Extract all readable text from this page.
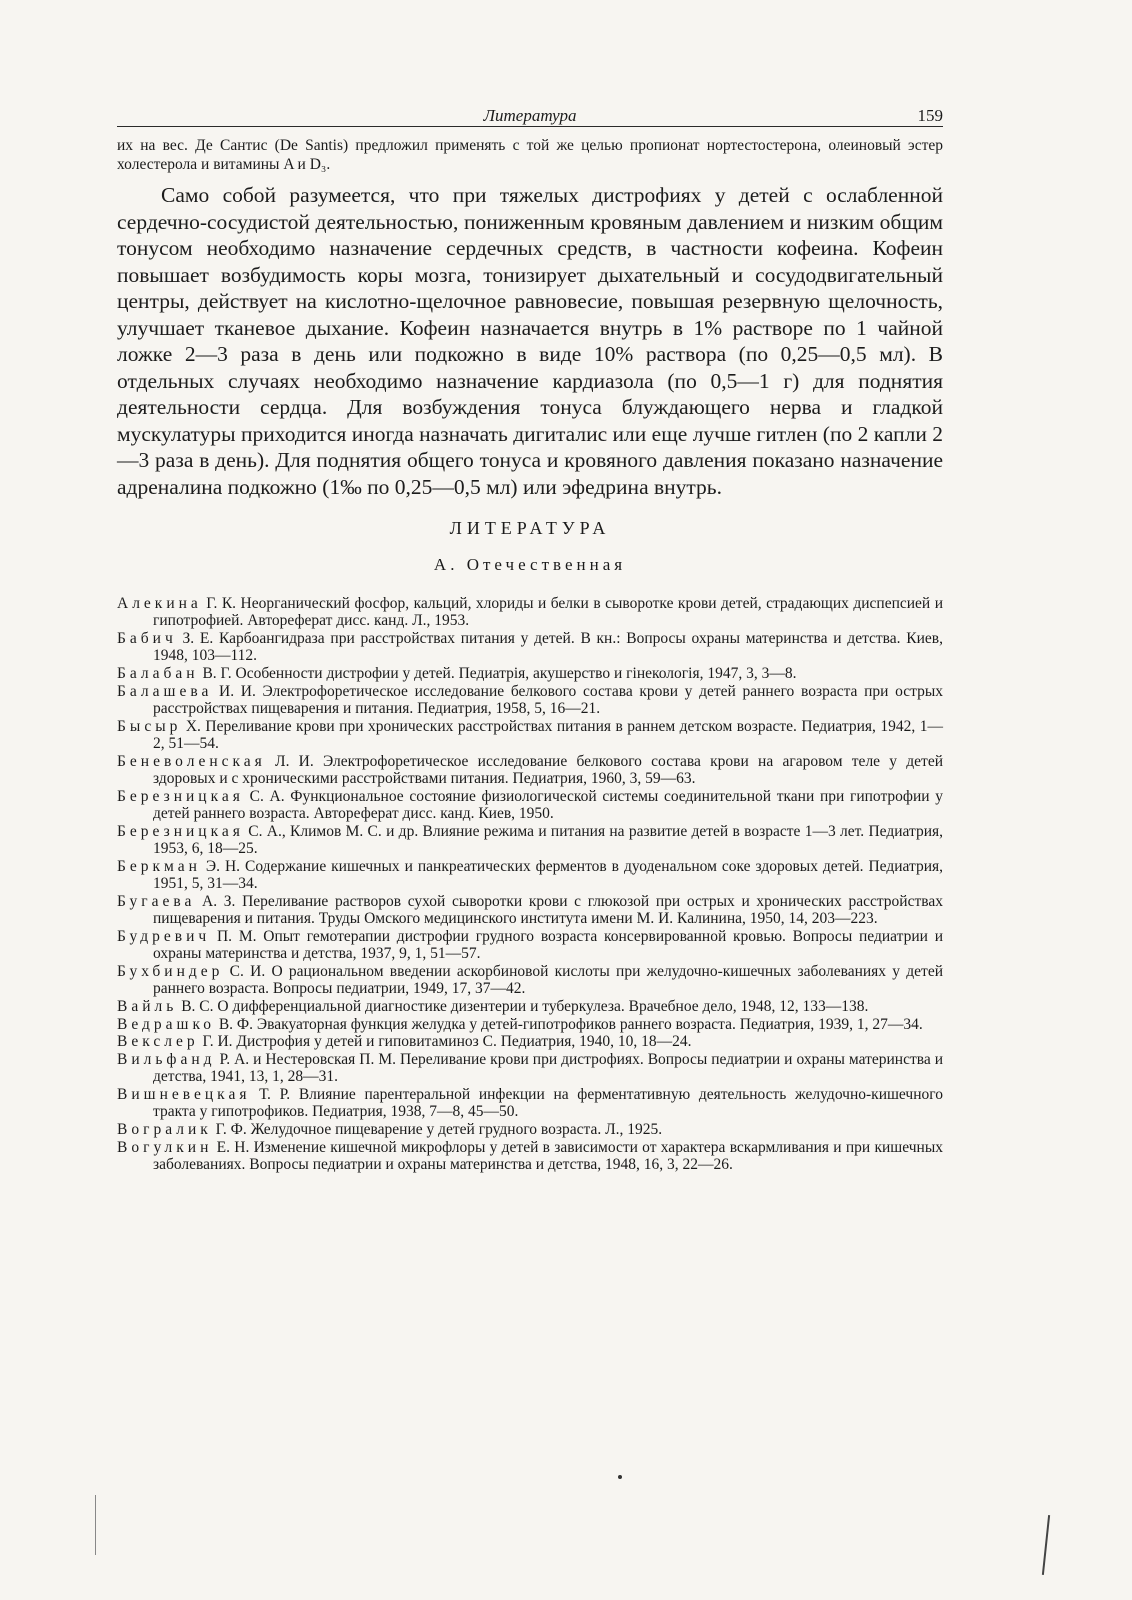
Литература	159
их на вес. Де Сантис (De Santis) предложил применять с той же целью пропионат нортестостерона, олеиновый эстер холестерола и витамины A и D₃.
Само собой разумеется, что при тяжелых дистрофиях у детей с ослабленной сердечно-сосудистой деятельностью, пониженным кровяным давлением и низким общим тонусом необходимо назначение сердечных средств, в частности кофеина. Кофеин повышает возбудимость коры мозга, тонизирует дыхательный и сосудодвигательный центры, действует на кислотно-щелочное равновесие, повышая резервную щелочность, улучшает тканевое дыхание. Кофеин назначается внутрь в 1% растворе по 1 чайной ложке 2—3 раза в день или подкожно в виде 10% раствора (по 0,25—0,5 мл). В отдельных случаях необходимо назначение кардиазола (по 0,5—1 г) для поднятия деятельности сердца. Для возбуждения тонуса блуждающего нерва и гладкой мускулатуры приходится иногда назначать дигиталис или еще лучше гитлен (по 2 капли 2—3 раза в день). Для поднятия общего тонуса и кровяного давления показано назначение адреналина подкожно (1‰ по 0,25—0,5 мл) или эфедрина внутрь.
ЛИТЕРАТУРА
А. Отечественная
Алекина Г. К. Неорганический фосфор, кальций, хлориды и белки в сыворотке крови детей, страдающих диспепсией и гипотрофией. Автореферат дисс. канд. Л., 1953.
Бабич З. Е. Карбоангидраза при расстройствах питания у детей. В кн.: Вопросы охраны материнства и детства. Киев, 1948, 103—112.
Балабан В. Г. Особенности дистрофии у детей. Педиатрія, акушерство и гінекологія, 1947, 3, 3—8.
Балашева И. И. Электрофоретическое исследование белкового состава крови у детей раннего возраста при острых расстройствах пищеварения и питания. Педиатрия, 1958, 5, 16—21.
Бысыр Х. Переливание крови при хронических расстройствах питания в раннем детском возрасте. Педиатрия, 1942, 1—2, 51—54.
Беневоленская Л. И. Электрофоретическое исследование белкового состава крови на агаровом теле у детей здоровых и с хроническими расстройствами питания. Педиатрия, 1960, 3, 59—63.
Березницкая С. А. Функциональное состояние физиологической системы соединительной ткани при гипотрофии у детей раннего возраста. Автореферат дисс. канд. Киев, 1950.
Березницкая С. А., Климов М. С. и др. Влияние режима и питания на развитие детей в возрасте 1—3 лет. Педиатрия, 1953, 6, 18—25.
Беркман Э. Н. Содержание кишечных и панкреатических ферментов в дуоденальном соке здоровых детей. Педиатрия, 1951, 5, 31—34.
Бугаева А. З. Переливание растворов сухой сыворотки крови с глюкозой при острых и хронических расстройствах пищеварения и питания. Труды Омского медицинского института имени М. И. Калинина, 1950, 14, 203—223.
Будревич П. М. Опыт гемотерапии дистрофии грудного возраста консервированной кровью. Вопросы педиатрии и охраны материнства и детства, 1937, 9, 1, 51—57.
Бухбиндер С. И. О рациональном введении аскорбиновой кислоты при желудочно-кишечных заболеваниях у детей раннего возраста. Вопросы педиатрии, 1949, 17, 37—42.
Вайль В. С. О дифференциальной диагностике дизентерии и туберкулеза. Врачебное дело, 1948, 12, 133—138.
Ведрашко В. Ф. Эвакуаторная функция желудка у детей-гипотрофиков раннего возраста. Педиатрия, 1939, 1, 27—34.
Векслер Г. И. Дистрофия у детей и гиповитаминоз С. Педиатрия, 1940, 10, 18—24.
Вильфанд Р. А. и Нестеровская П. М. Переливание крови при дистрофиях. Вопросы педиатрии и охраны материнства и детства, 1941, 13, 1, 28—31.
Вишневецкая Т. Р. Влияние парентеральной инфекции на ферментативную деятельность желудочно-кишечного тракта у гипотрофиков. Педиатрия, 1938, 7—8, 45—50.
Вогралик Г. Ф. Желудочное пищеварение у детей грудного возраста. Л., 1925.
Вогулкин Е. Н. Изменение кишечной микрофлоры у детей в зависимости от характера вскармливания и при кишечных заболеваниях. Вопросы педиатрии и охраны материнства и детства, 1948, 16, 3, 22—26.
